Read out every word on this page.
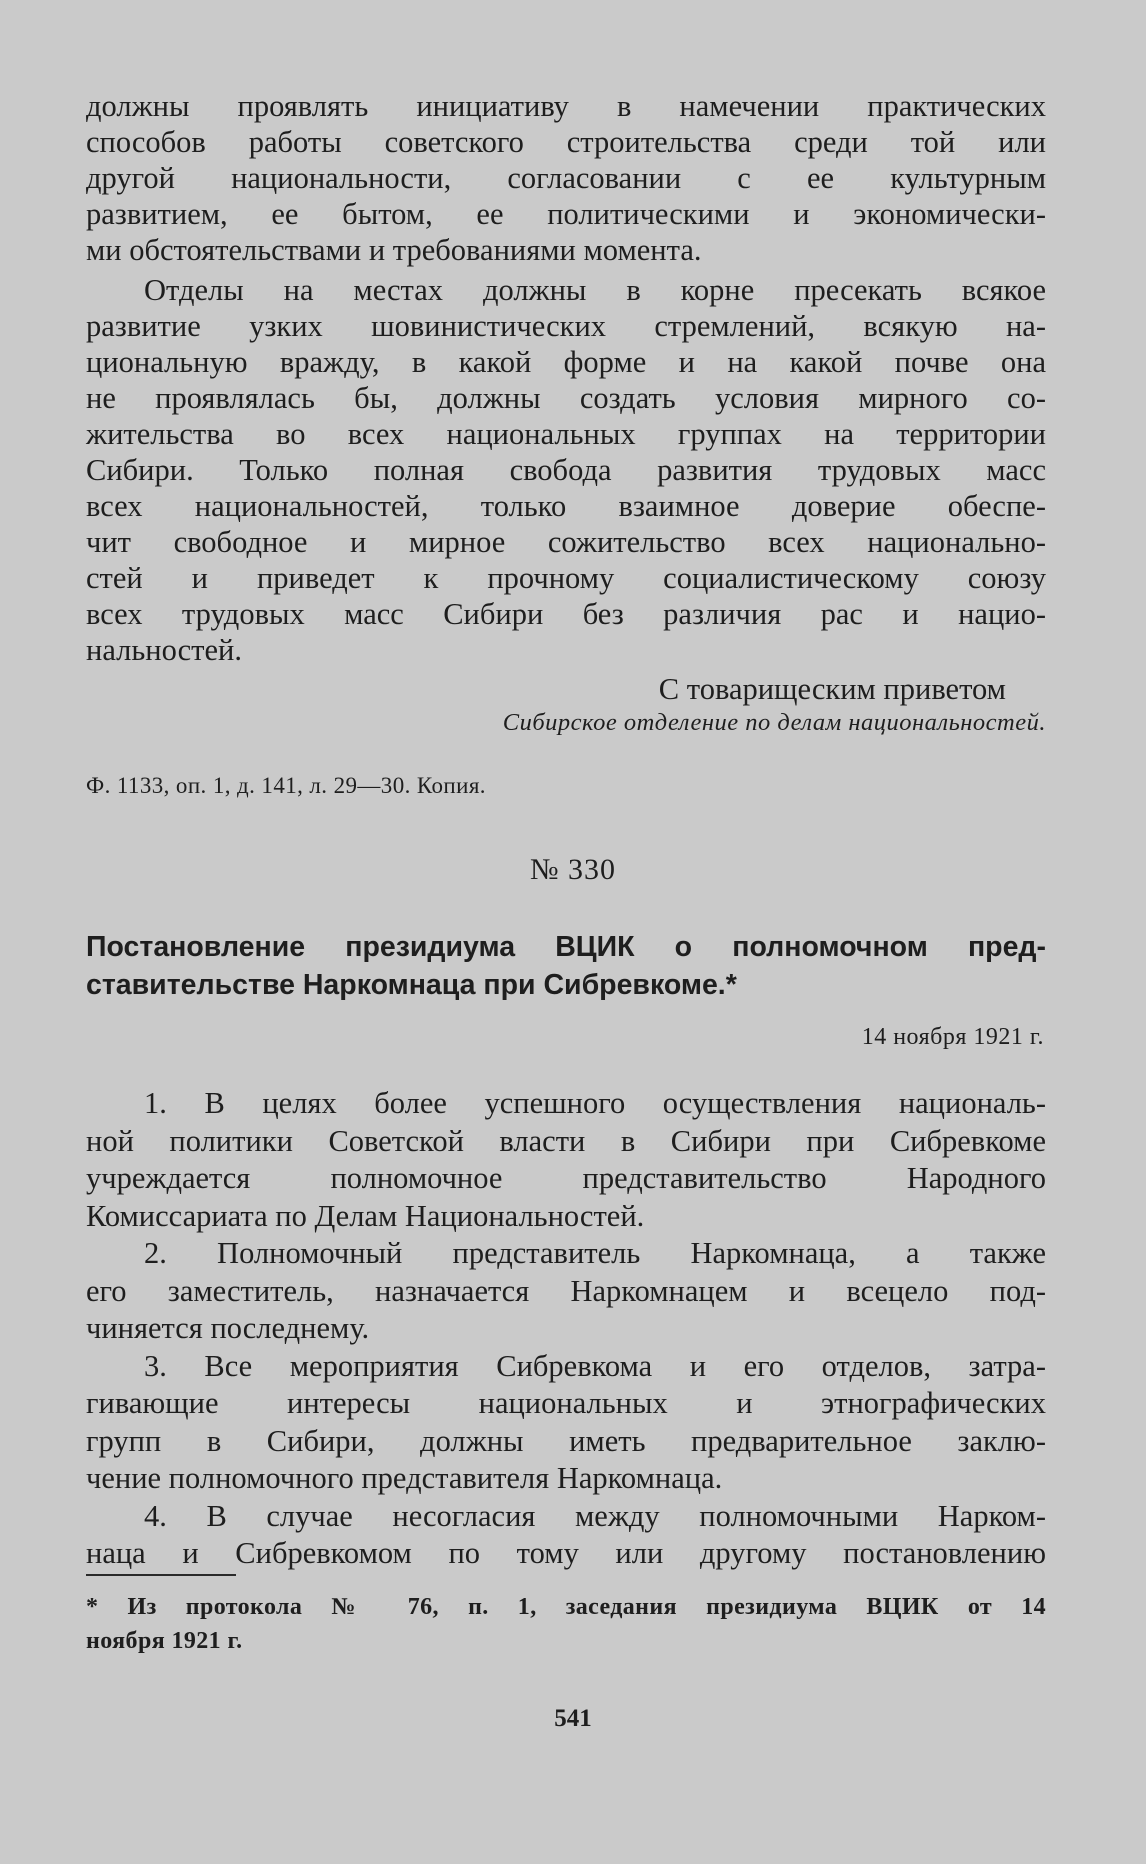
должны проявлять инициативу в намечении практических
способов работы советского строительства среди той или
другой национальности, согласовании с ее культурным
развитием, ее бытом, ее политическими и экономически-
ми обстоятельствами и требованиями момента.
Отделы на местах должны в корне пресекать всякое
развитие узких шовинистических стремлений, всякую на-
циональную вражду, в какой форме и на какой почве она
не проявлялась бы, должны создать условия мирного со-
жительства во всех национальных группах на территории
Сибири. Только полная свобода развития трудовых масс
всех национальностей, только взаимное доверие обеспе-
чит свободное и мирное сожительство всех национально-
стей и приведет к прочному социалистическому союзу
всех трудовых масс Сибири без различия рас и нацио-
нальностей.
С товарищеским приветом
Сибирское отделение по делам национальностей.
Ф. 1133, оп. 1, д. 141, л. 29—30. Копия.
№ 330
Постановление президиума ВЦИК о полномочном пред-
ставительстве Наркомнаца при Сибревкоме.*
14 ноября 1921 г.
1. В целях более успешного осуществления националь-
ной политики Советской власти в Сибири при Сибревкоме
учреждается полномочное представительство Народного
Комиссариата по Делам Национальностей.
2. Полномочный представитель Наркомнаца, а также
его заместитель, назначается Наркомнацем и всецело под-
чиняется последнему.
3. Все мероприятия Сибревкома и его отделов, затра-
гивающие интересы национальных и этнографических
групп в Сибири, должны иметь предварительное заклю-
чение полномочного представителя Наркомнаца.
4. В случае несогласия между полномочными Нарком-
наца и Сибревкомом по тому или другому постановлению
* Из протокола № 76, п. 1, заседания президиума ВЦИК от 14
ноября 1921 г.
541
